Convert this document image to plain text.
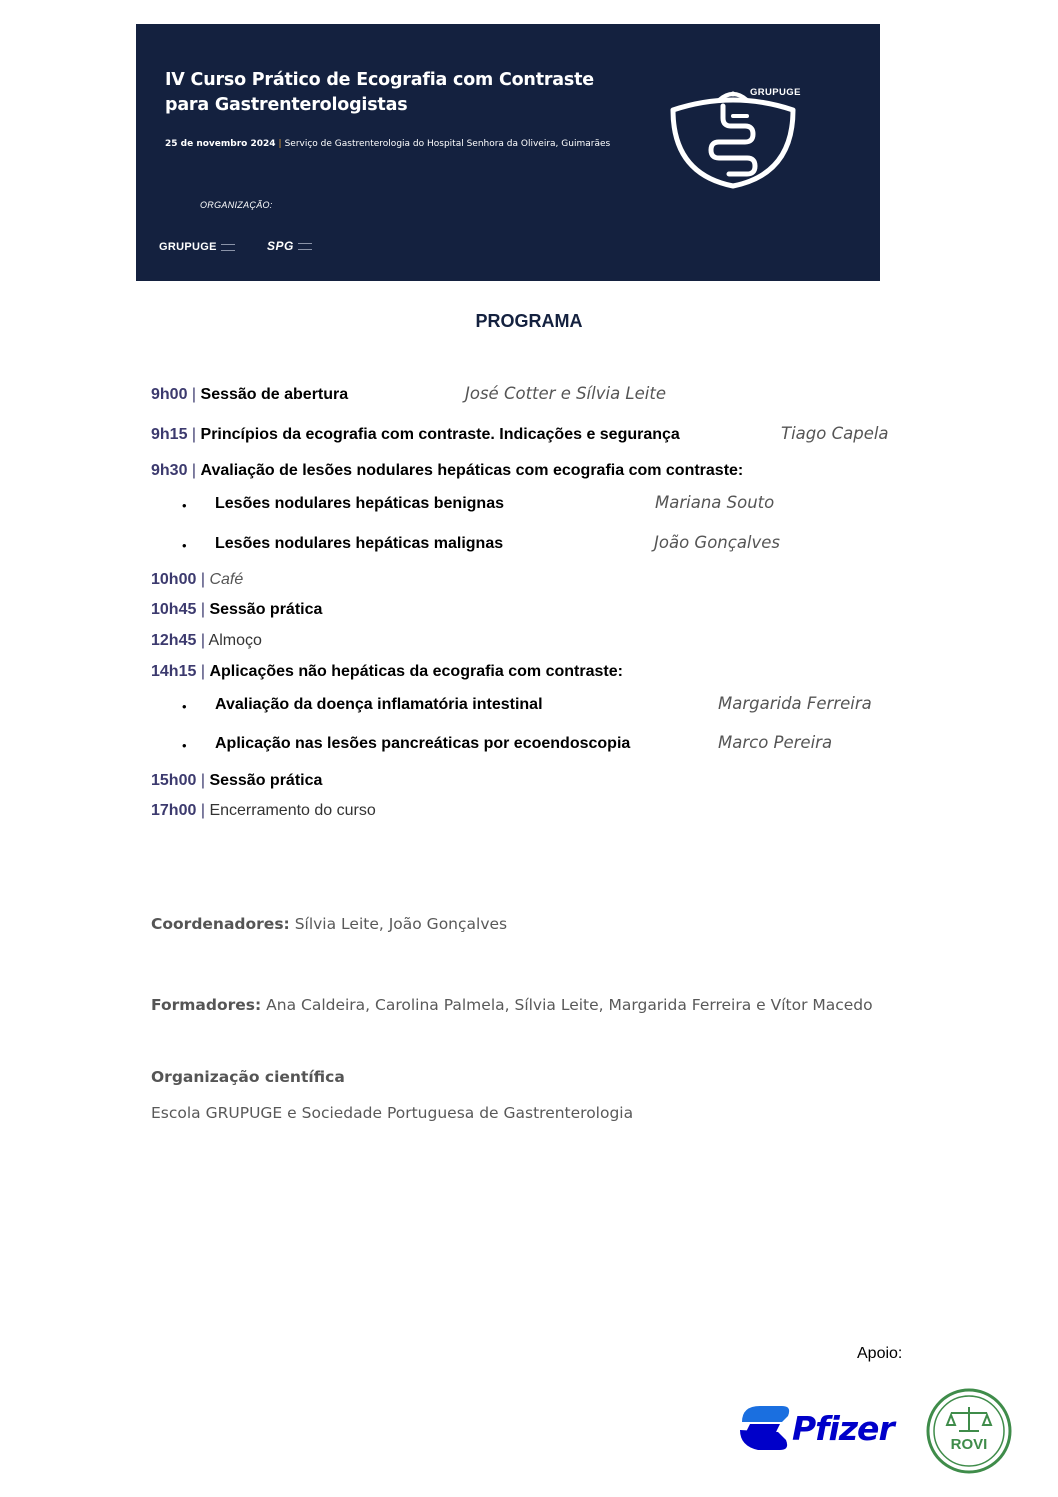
IV Curso Prático de Ecografia com Contraste
para Gastrenterologistas
25 de novembro 2024 | Serviço de Gastrenterologia do Hospital Senhora da Oliveira, Guimarães
ORGANIZAÇÃO:
GRUPUGE	SPG
GRUPUGE
PROGRAMA
9h00 | Sessão de abertura	José Cotter e Sílvia Leite
9h15 | Princípios da ecografia com contraste. Indicações e segurança	Tiago Capela
9h30 | Avaliação de lesões nodulares hepáticas com ecografia com contraste:
• Lesões nodulares hepáticas benignas	Mariana Souto
• Lesões nodulares hepáticas malignas	João Gonçalves
10h00 | Café
10h45 | Sessão prática
12h45 | Almoço
14h15 | Aplicações não hepáticas da ecografia com contraste:
• Avaliação da doença inflamatória intestinal	Margarida Ferreira
• Aplicação nas lesões pancreáticas por ecoendoscopia	Marco Pereira
15h00 | Sessão prática
17h00 | Encerramento do curso
Coordenadores: Sílvia Leite, João Gonçalves
Formadores: Ana Caldeira, Carolina Palmela, Sílvia Leite, Margarida Ferreira e Vítor Macedo
Organização científica
Escola GRUPUGE e Sociedade Portuguesa de Gastrenterologia
Apoio:
Pfizer	ROVI
